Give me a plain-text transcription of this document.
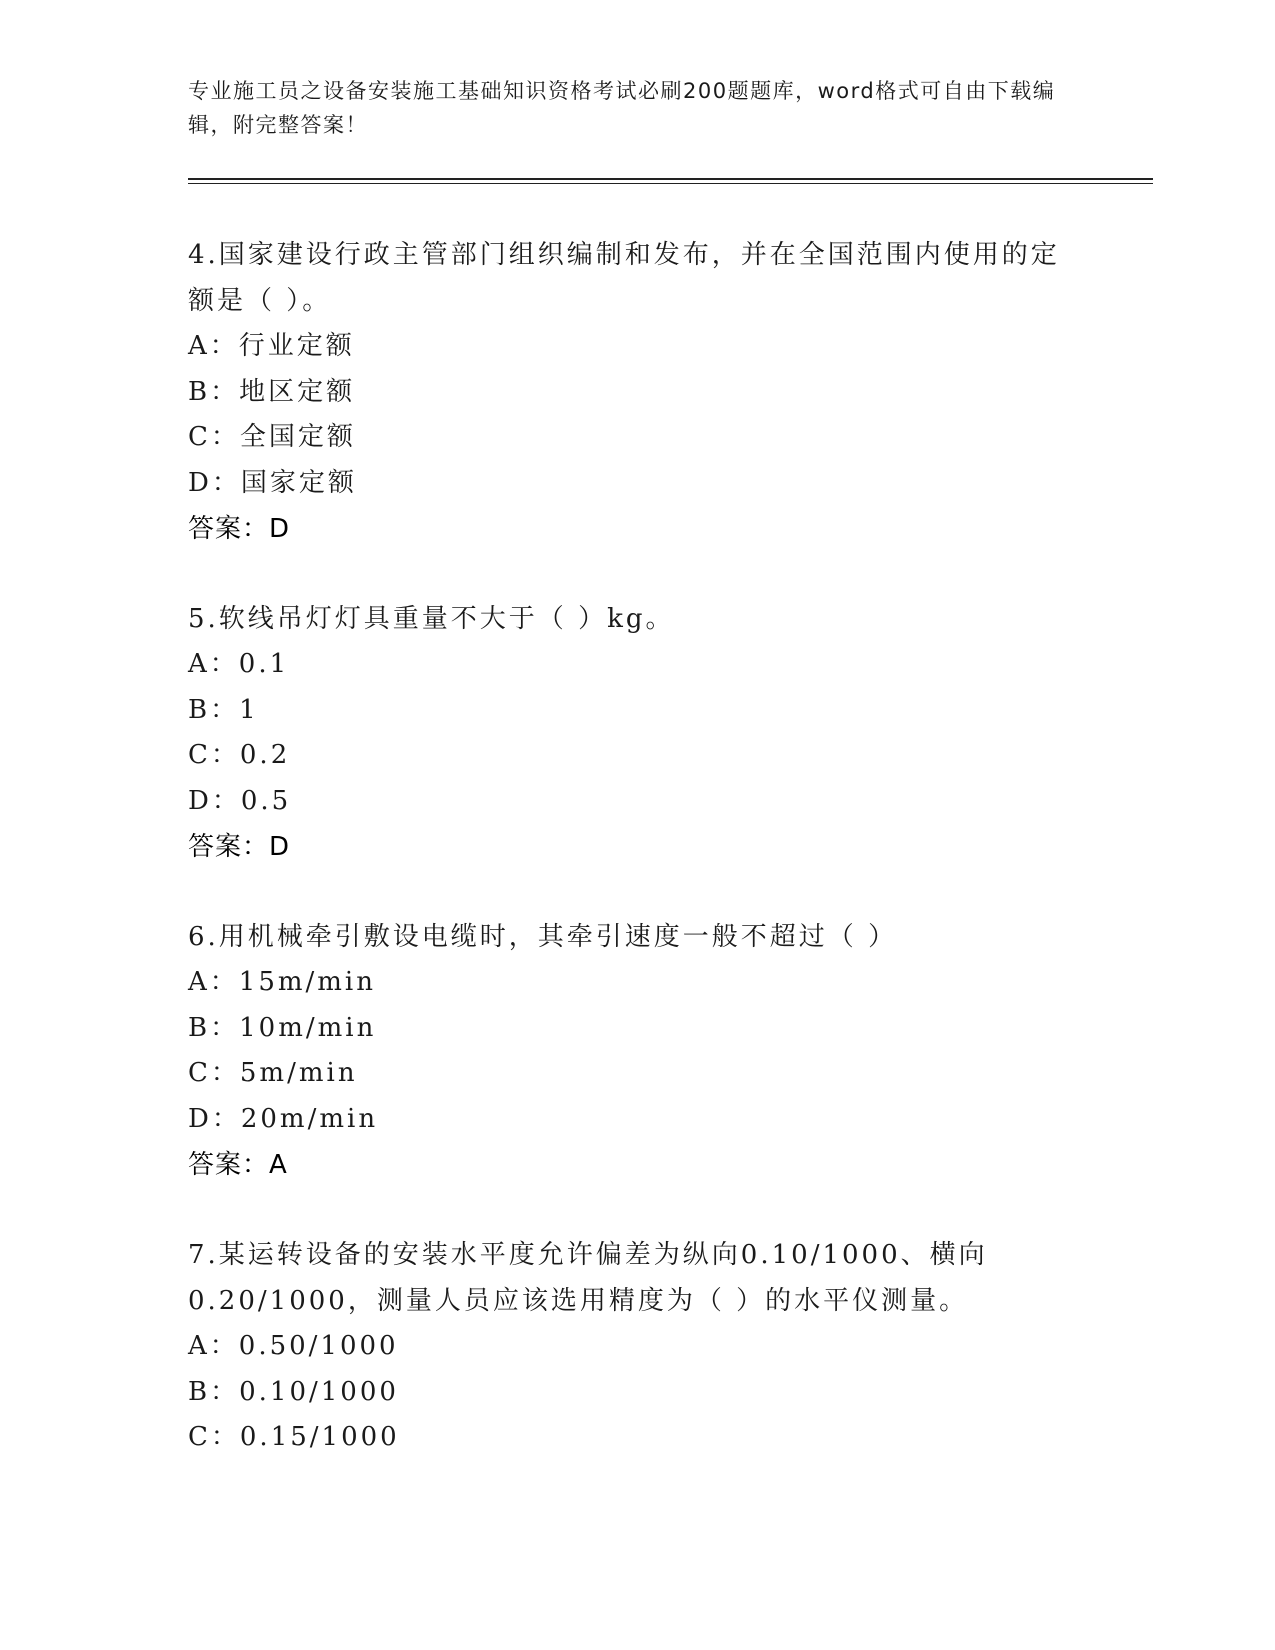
专业施工员之设备安装施工基础知识资格考试必刷200题题库，word格式可自由下载编辑，附完整答案！
4.国家建设行政主管部门组织编制和发布，并在全国范围内使用的定额是（ ）。
A：行业定额
B：地区定额
C：全国定额
D：国家定额
答案：D
5.软线吊灯灯具重量不大于（ ）kg。
A：0.1
B：1
C：0.2
D：0.5
答案：D
6.用机械牵引敷设电缆时，其牵引速度一般不超过（ ）
A：15m/min
B：10m/min
C：5m/min
D：20m/min
答案：A
7.某运转设备的安装水平度允许偏差为纵向0.10/1000、横向0.20/1000，测量人员应该选用精度为（ ）的水平仪测量。
A：0.50/1000
B：0.10/1000
C：0.15/1000
